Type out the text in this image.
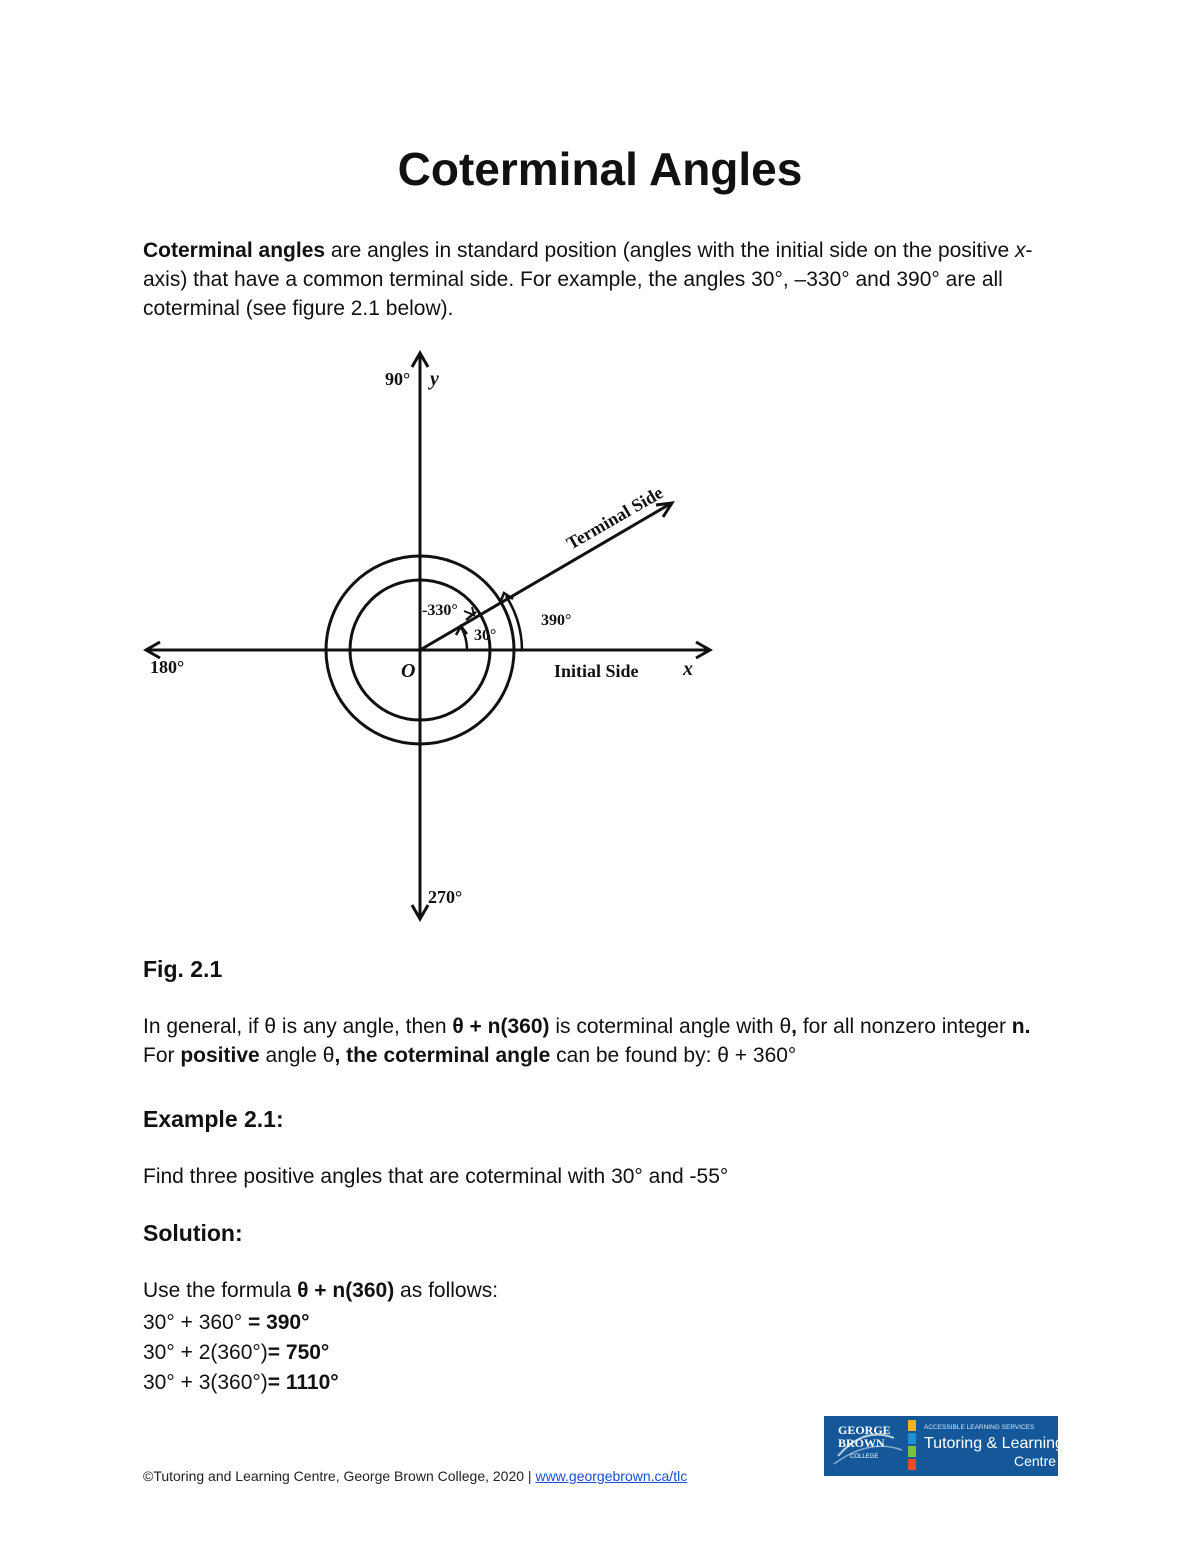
Coterminal Angles

Coterminal angles are angles in standard position (angles with the initial side on the positive x-axis) that have a common terminal side. For example, the angles 30°, –330° and 390° are all coterminal (see figure 2.1 below).

90° y
180°
270°
x
O	Initial Side
Terminal Side
-330°
30°
390°
Fig. 2.1

In general, if θ is any angle, then θ + n(360) is coterminal angle with θ, for all nonzero integer n. For positive angle θ, the coterminal angle can be found by: θ + 360°

Example 2.1:

Find three positive angles that are coterminal with 30° and -55°

Solution:

Use the formula θ + n(360) as follows:

30° + 360° = 390°

30° + 2(360°)= 750°

30° + 3(360°)= 1110°

©Tutoring and Learning Centre, George Brown College, 2020 | www.georgebrown.ca/tlc
GEORGE
BROWN
COLLEGE
ACCESSIBLE LEARNING SERVICES
Tutoring & Learning
Centre
